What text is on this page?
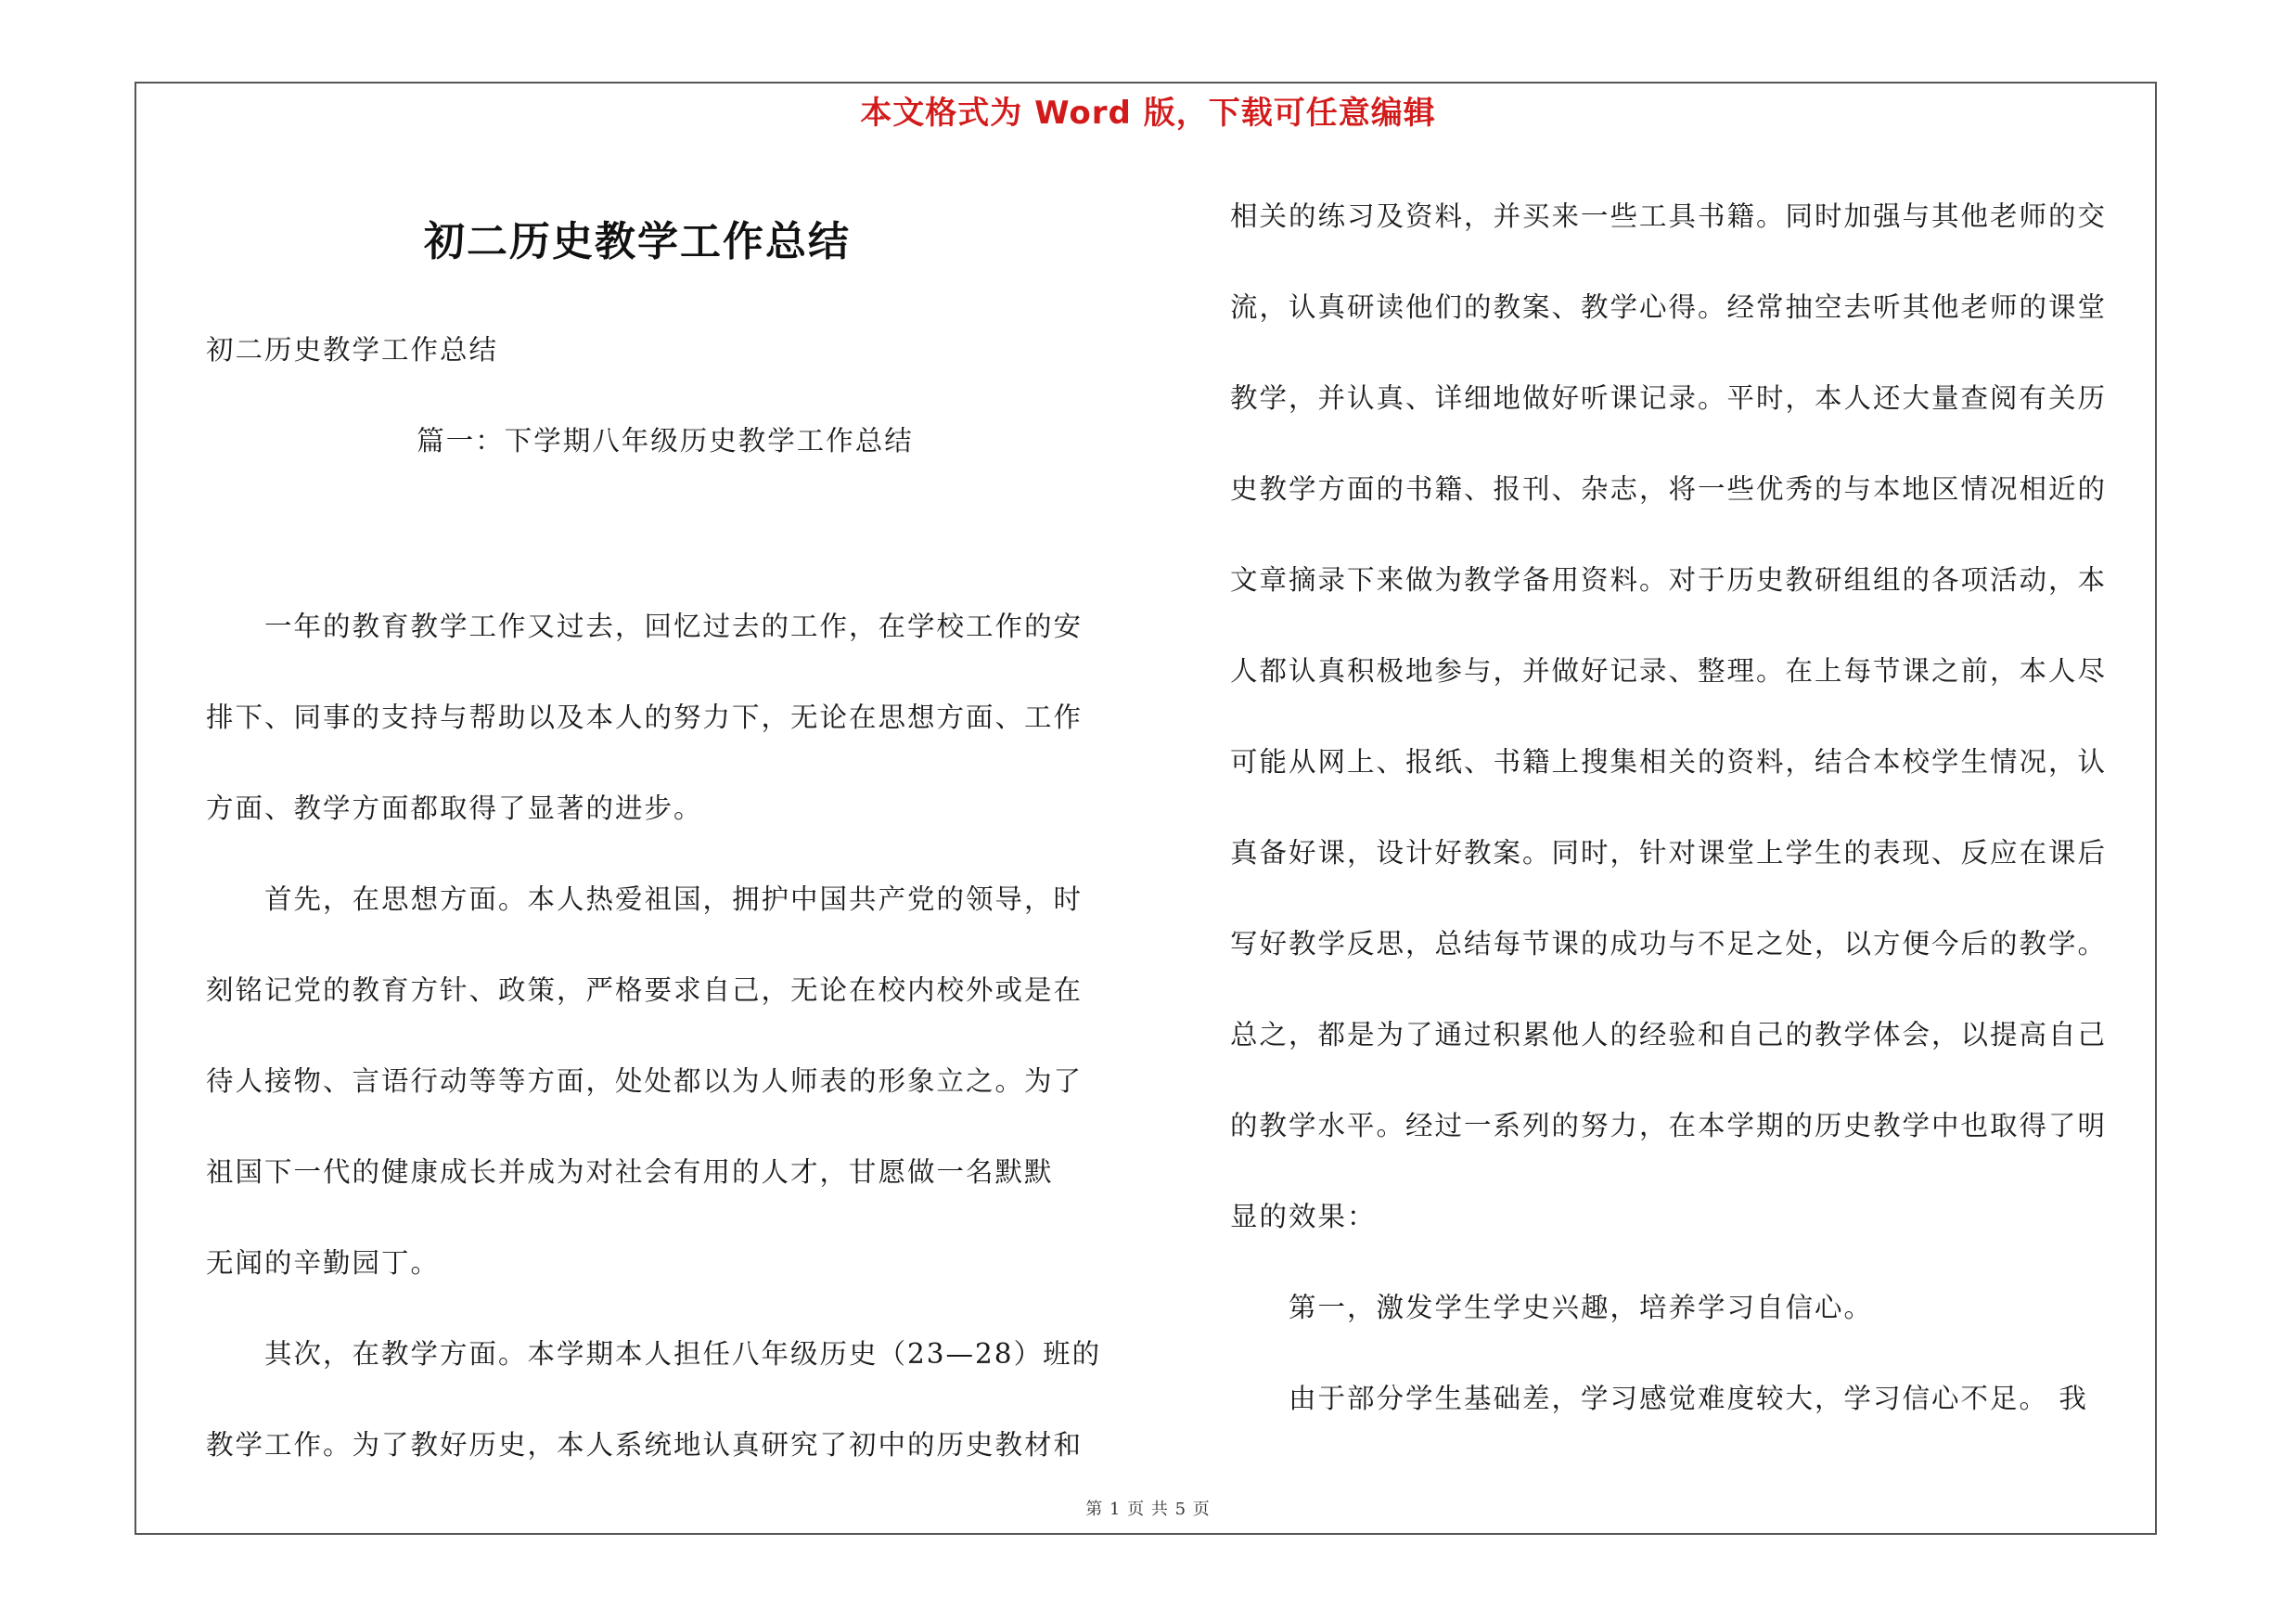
本文格式为 Word 版，下载可任意编辑
初二历史教学工作总结
初二历史教学工作总结
篇一：下学期八年级历史教学工作总结
　　一年的教育教学工作又过去，回忆过去的工作，在学校工作的安
排下、同事的支持与帮助以及本人的努力下，无论在思想方面、工作
方面、教学方面都取得了显著的进步。
　　首先，在思想方面。本人热爱祖国，拥护中国共产党的领导，时
刻铭记党的教育方针、政策，严格要求自己，无论在校内校外或是在
待人接物、言语行动等等方面，处处都以为人师表的形象立之。为了
祖国下一代的健康成长并成为对社会有用的人才，甘愿做一名默默
无闻的辛勤园丁。
　　其次，在教学方面。本学期本人担任八年级历史（23—28）班的
教学工作。为了教好历史，本人系统地认真研究了初中的历史教材和
相关的练习及资料，并买来一些工具书籍。同时加强与其他老师的交
流，认真研读他们的教案、教学心得。经常抽空去听其他老师的课堂
教学，并认真、详细地做好听课记录。平时，本人还大量查阅有关历
史教学方面的书籍、报刊、杂志，将一些优秀的与本地区情况相近的
文章摘录下来做为教学备用资料。对于历史教研组组的各项活动，本
人都认真积极地参与，并做好记录、整理。在上每节课之前，本人尽
可能从网上、报纸、书籍上搜集相关的资料，结合本校学生情况，认
真备好课，设计好教案。同时，针对课堂上学生的表现、反应在课后
写好教学反思，总结每节课的成功与不足之处，以方便今后的教学。
总之，都是为了通过积累他人的经验和自己的教学体会，以提高自己
的教学水平。经过一系列的努力，在本学期的历史教学中也取得了明
显的效果：
　　第一，激发学生学史兴趣，培养学习自信心。
　　由于部分学生基础差，学习感觉难度较大，学习信心不足。 我
第 1 页 共 5 页
